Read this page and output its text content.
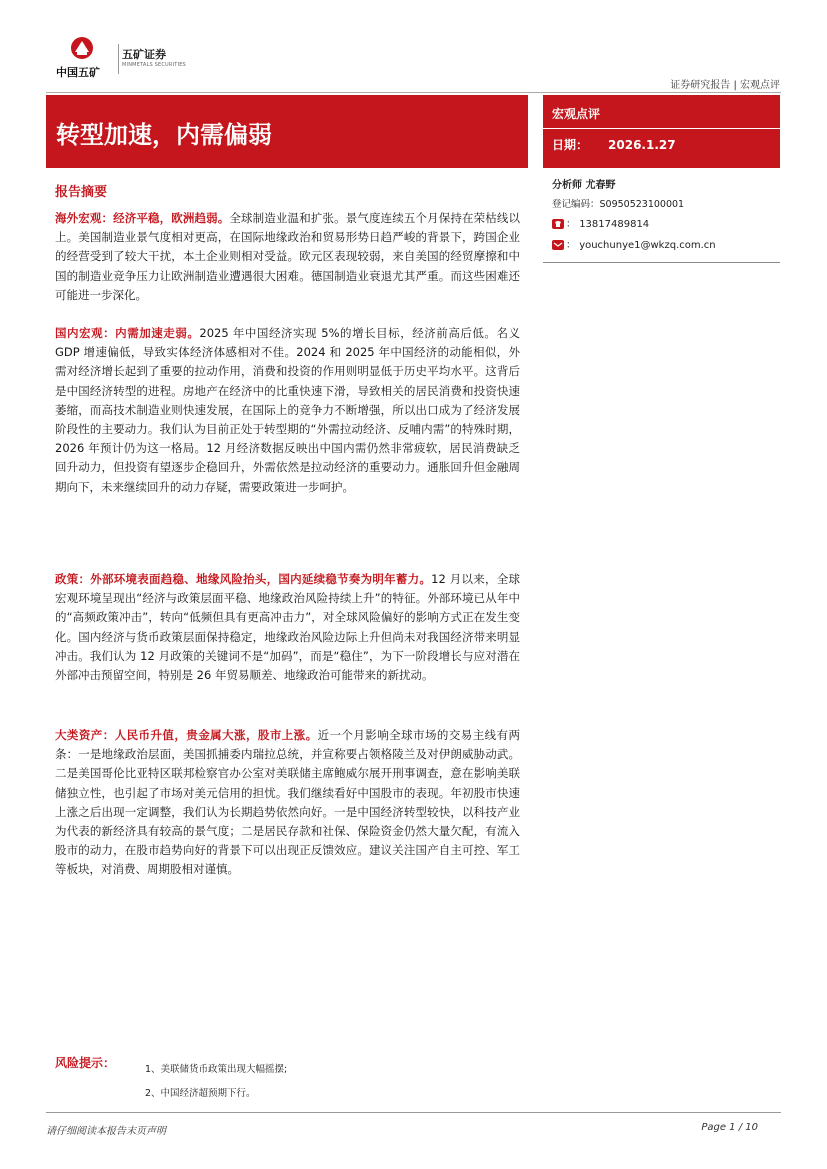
中国五矿
五矿证券
MINMETALS SECURITIES
证券研究报告 | 宏观点评
转型加速，内需偏弱
宏观点评
日期： 2026.1.27
分析师 尤春野
登记编码：S0950523100001
： 13817489814
： youchunye1@wkzq.com.cn
报告摘要
海外宏观：经济平稳，欧洲趋弱。全球制造业温和扩张。景气度连续五个月保持在荣枯线以上。美国制造业景气度相对更高，在国际地缘政治和贸易形势日趋严峻的背景下，跨国企业的经营受到了较大干扰，本土企业则相对受益。欧元区表现较弱，来自美国的经贸摩擦和中国的制造业竞争压力让欧洲制造业遭遇很大困难。德国制造业衰退尤其严重。而这些困难还可能进一步深化。
国内宏观：内需加速走弱。2025 年中国经济实现 5%的增长目标，经济前高后低。名义 GDP 增速偏低，导致实体经济体感相对不佳。2024 和 2025 年中国经济的动能相似，外需对经济增长起到了重要的拉动作用，消费和投资的作用则明显低于历史平均水平。这背后是中国经济转型的进程。房地产在经济中的比重快速下滑，导致相关的居民消费和投资快速萎缩，而高技术制造业则快速发展，在国际上的竞争力不断增强，所以出口成为了经济发展阶段性的主要动力。我们认为目前正处于转型期的“外需拉动经济、反哺内需”的特殊时期，2026 年预计仍为这一格局。12 月经济数据反映出中国内需仍然非常疲软，居民消费缺乏回升动力，但投资有望逐步企稳回升，外需依然是拉动经济的重要动力。通胀回升但金融周期向下，未来继续回升的动力存疑，需要政策进一步呵护。
政策：外部环境表面趋稳、地缘风险抬头，国内延续稳节奏为明年蓄力。12 月以来，全球宏观环境呈现出“经济与政策层面平稳、地缘政治风险持续上升”的特征。外部环境已从年中的“高频政策冲击”，转向“低频但具有更高冲击力”，对全球风险偏好的影响方式正在发生变化。国内经济与货币政策层面保持稳定，地缘政治风险边际上升但尚未对我国经济带来明显冲击。我们认为 12 月政策的关键词不是“加码”，而是“稳住”，为下一阶段增长与应对潜在外部冲击预留空间，特别是 26 年贸易顺差、地缘政治可能带来的新扰动。
大类资产：人民币升值，贵金属大涨，股市上涨。近一个月影响全球市场的交易主线有两条：一是地缘政治层面，美国抓捕委内瑞拉总统，并宣称要占领格陵兰及对伊朗威胁动武。二是美国哥伦比亚特区联邦检察官办公室对美联储主席鲍威尔展开刑事调查，意在影响美联储独立性，也引起了市场对美元信用的担忧。我们继续看好中国股市的表现。年初股市快速上涨之后出现一定调整，我们认为长期趋势依然向好。一是中国经济转型较快，以科技产业为代表的新经济具有较高的景气度；二是居民存款和社保、保险资金仍然大量欠配，有流入股市的动力，在股市趋势向好的背景下可以出现正反馈效应。建议关注国产自主可控、军工等板块，对消费、周期股相对谨慎。
风险提示：	1、美联储货币政策出现大幅摇摆;
2、中国经济超预期下行。
请仔细阅读本报告末页声明	Page 1 / 10
